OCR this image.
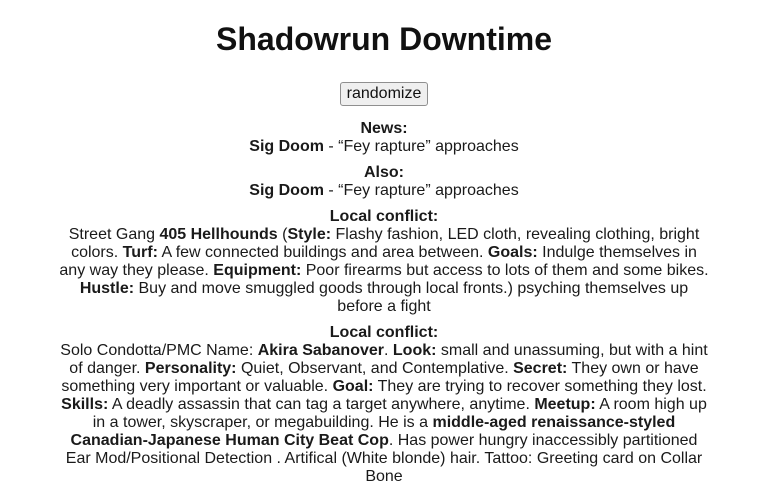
Shadowrun Downtime
randomize
News:
Sig Doom - “Fey rapture” approaches
Also:
Sig Doom - “Fey rapture” approaches
Local conflict:
Street Gang 405 Hellhounds (Style: Flashy fashion, LED cloth, revealing clothing, bright colors. Turf: A few connected buildings and area between. Goals: Indulge themselves in any way they please. Equipment: Poor firearms but access to lots of them and some bikes. Hustle: Buy and move smuggled goods through local fronts.) psyching themselves up before a fight
Local conflict:
Solo Condotta/PMC Name: Akira Sabanover. Look: small and unassuming, but with a hint of danger. Personality: Quiet, Observant, and Contemplative. Secret: They own or have something very important or valuable. Goal: They are trying to recover something they lost. Skills: A deadly assassin that can tag a target anywhere, anytime. Meetup: A room high up in a tower, skyscraper, or megabuilding. He is a middle-aged renaissance-styled Canadian-Japanese Human City Beat Cop. Has power hungry inaccessibly partitioned Ear Mod/Positional Detection . Artifical (White blonde) hair. Tattoo: Greeting card on Collar Bone
